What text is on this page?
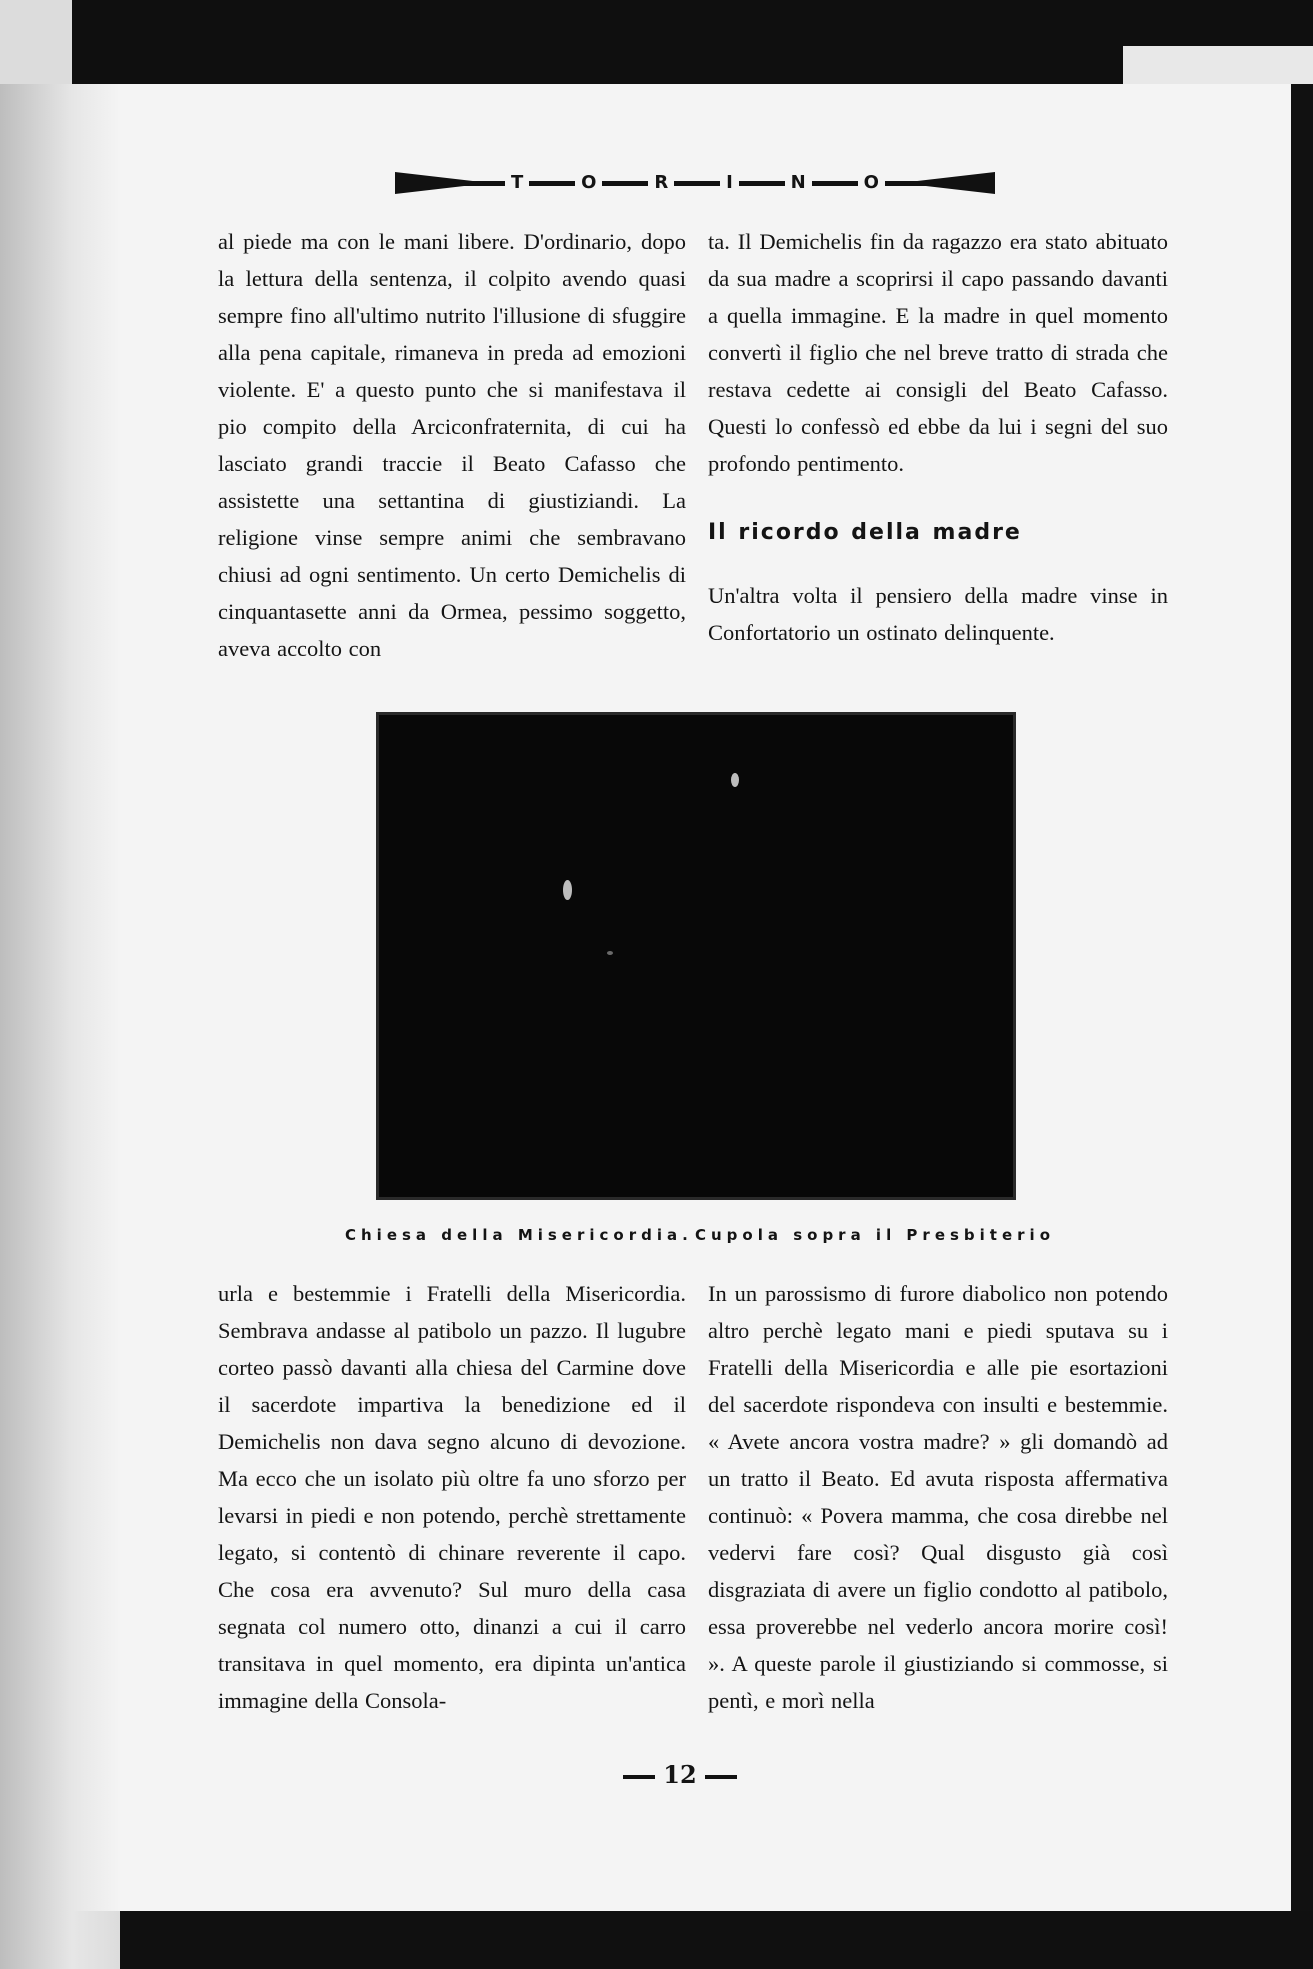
T	O	R	I	N	O

al piede ma con le mani libere. D'ordinario, dopo la lettura della sentenza, il colpito avendo quasi sempre fino all'ultimo nutrito l'illusione di sfuggire alla pena capitale, rimaneva in preda ad emozioni violente. E' a questo punto che si manifestava il pio compito della Arciconfraternita, di cui ha lasciato grandi traccie il Beato Cafasso che assistette una settantina di giustiziandi. La religione vinse sempre animi che sembravano chiusi ad ogni sentimento. Un certo Demichelis di cinquantasette anni da Ormea, pessimo soggetto, aveva accolto con

ta. Il Demichelis fin da ragazzo era stato abituato da sua madre a scoprirsi il capo passando davanti a quella immagine. E la madre in quel momento convertì il figlio che nel breve tratto di strada che restava cedette ai consigli del Beato Cafasso. Questi lo confessò ed ebbe da lui i segni del suo profondo pentimento.

Il ricordo della madre

Un'altra volta il pensiero della madre vinse in Confortatorio un ostinato delinquente.

Chiesa della Misericordia. Cupola sopra il Presbiterio

urla e bestemmie i Fratelli della Misericordia. Sembrava andasse al patibolo un pazzo. Il lugubre corteo passò davanti alla chiesa del Carmine dove il sacerdote impartiva la benedizione ed il Demichelis non dava segno alcuno di devozione. Ma ecco che un isolato più oltre fa uno sforzo per levarsi in piedi e non potendo, perchè strettamente legato, si contentò di chinare reverente il capo. Che cosa era avvenuto? Sul muro della casa segnata col numero otto, dinanzi a cui il carro transitava in quel momento, era dipinta un'antica immagine della Consola-

In un parossismo di furore diabolico non potendo altro perchè legato mani e piedi sputava su i Fratelli della Misericordia e alle pie esortazioni del sacerdote rispondeva con insulti e bestemmie. « Avete ancora vostra madre? » gli domandò ad un tratto il Beato. Ed avuta risposta affermativa continuò: « Povera mamma, che cosa direbbe nel vedervi fare così? Qual disgusto già così disgraziata di avere un figlio condotto al patibolo, essa proverebbe nel vederlo ancora morire così! ». A queste parole il giustiziando si commosse, si pentì, e morì nella

12
